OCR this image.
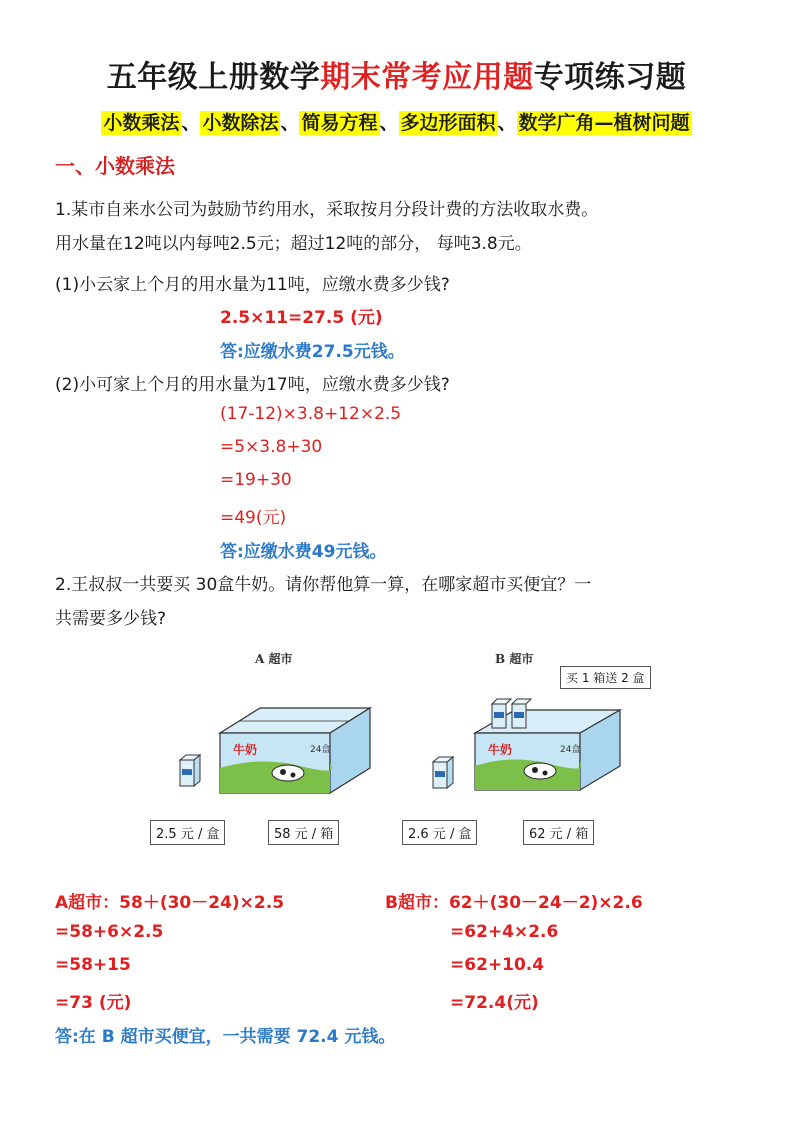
五年级上册数学期末常考应用题专项练习题
小数乘法 、 小数除法 、 简易方程 、 多边形面积 、 数学广角—植树问题
一、小数乘法
1.某市自来水公司为鼓励节约用水，采取按月分段计费的方法收取水费。
用水量在12吨以内每吨2.5元；超过12吨的部分， 每吨3.8元。
(1)小云家上个月的用水量为11吨，应缴水费多少钱?
2.5×11=27.5 (元)
答:应缴水费27.5元钱。
(2)小可家上个月的用水量为17吨，应缴水费多少钱?
(17-12)×3.8+12×2.5
=5×3.8+30
=19+30
=49(元)
答:应缴水费49元钱。
2.王叔叔一共要买 30盒牛奶。请你帮他算一算，在哪家超市买便宜？一
共需要多少钱?
A 超市	B 超市
买 1 箱送 2 盒
牛奶	24盒	牛奶	24盒
牛奶	牛奶
2.5 元 / 盒	58 元 / 箱	2.6 元 / 盒	62 元 / 箱
A超市：58＋(30－24)×2.5
=58+6×2.5
=58+15
=73 (元)
B超市：62＋(30－24－2)×2.6
=62+4×2.6
=62+10.4
=72.4(元)
答:在 B 超市买便宜，一共需要 72.4 元钱。
